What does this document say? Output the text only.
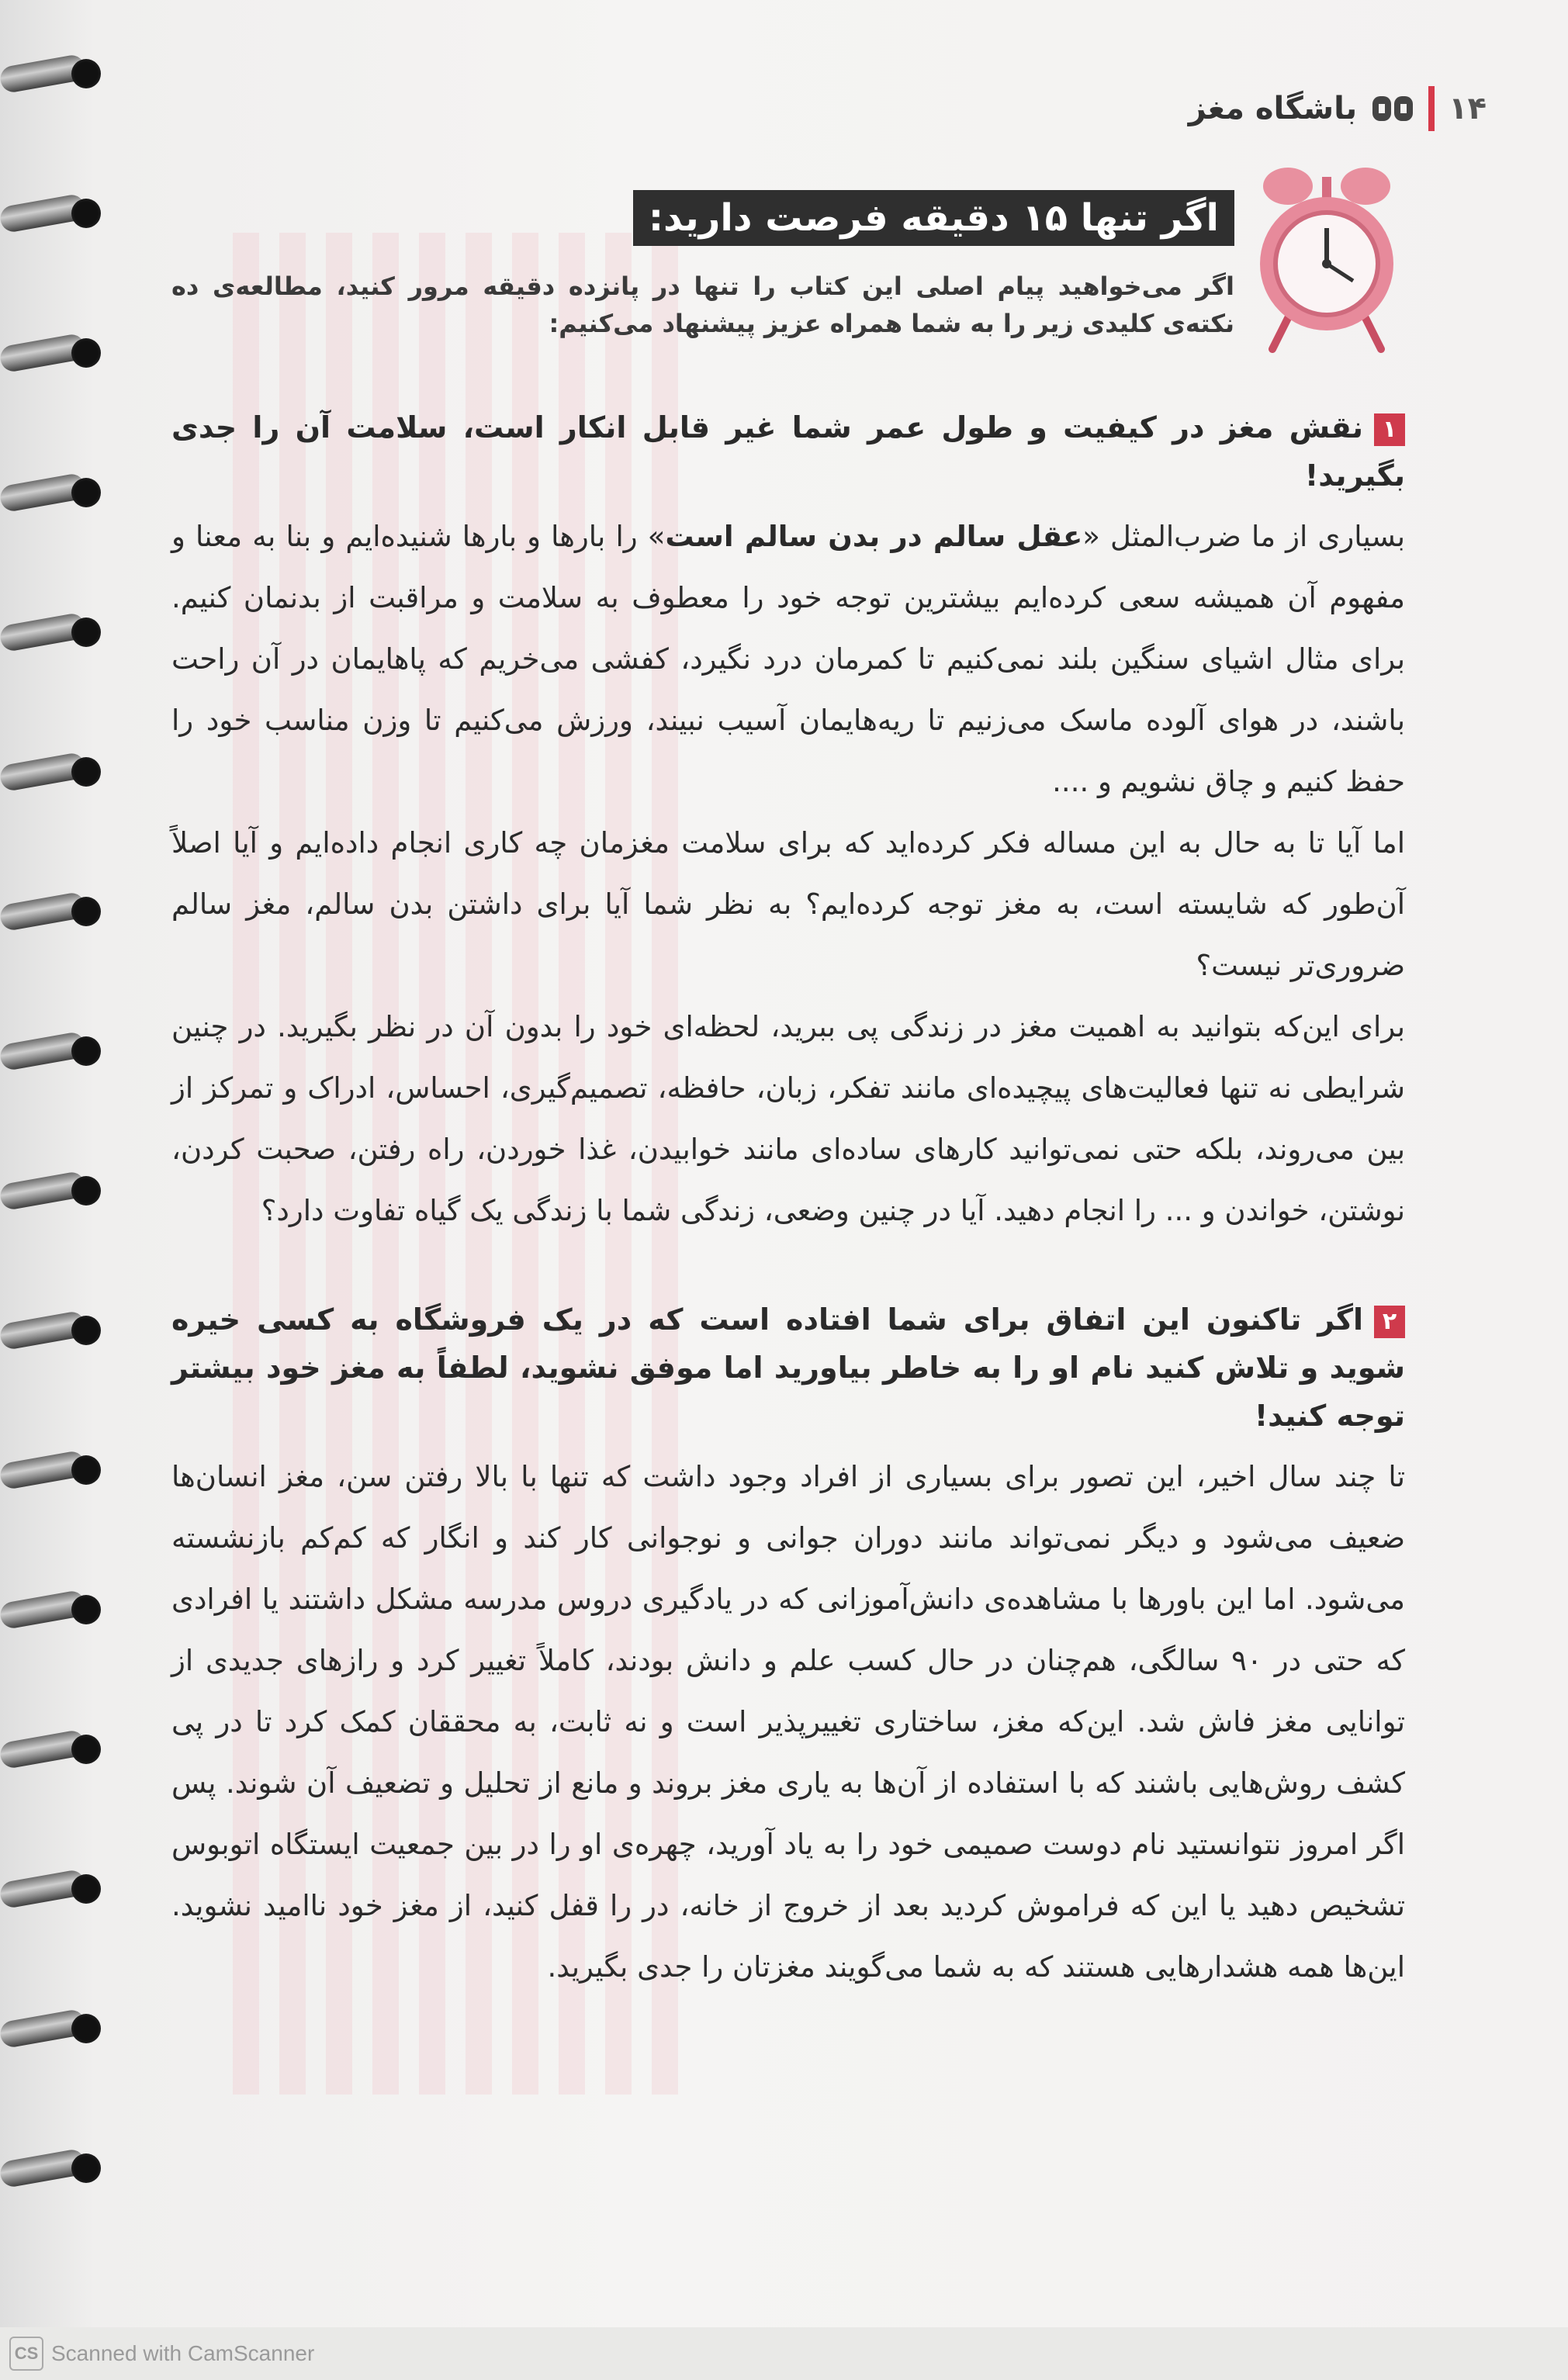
۱۴
باشگاه مغز
اگر تنها ۱۵ دقیقه فرصت دارید:
اگر می‌خواهید پیام اصلی این کتاب را تنها در پانزده دقیقه مرور کنید، مطالعه‌ی ده نکته‌ی کلیدی زیر را به شما همراه عزیز پیشنهاد می‌کنیم:
۱نقش مغز در کیفیت و طول عمر شما غیر قابل انکار است، سلامت آن را جدی بگیرید!
بسیاری از ما ضرب‌المثل «عقل سالم در بدن سالم است» را بارها و بارها شنیده‌ایم و بنا به معنا و مفهوم آن همیشه سعی کرده‌ایم بیشترین توجه خود را معطوف به سلامت و مراقبت از بدنمان کنیم. برای مثال اشیای سنگین بلند نمی‌کنیم تا کمرمان درد نگیرد، کفشی می‌خریم که پاهایمان در آن راحت باشند، در هوای آلوده ماسک می‌زنیم تا ریه‌هایمان آسیب نبیند، ورزش می‌کنیم تا وزن مناسب خود را حفظ کنیم و چاق نشویم و ....
اما آیا تا به حال به این مساله فکر کرده‌اید که برای سلامت مغزمان چه کاری انجام داده‌ایم و آیا اصلاً آن‌طور که شایسته است، به مغز توجه کرده‌ایم؟ به نظر شما آیا برای داشتن بدن سالم، مغز سالم ضروری‌تر نیست؟
برای این‌که بتوانید به اهمیت مغز در زندگی پی ببرید، لحظه‌ای خود را بدون آن در نظر بگیرید. در چنین شرایطی نه تنها فعالیت‌های پیچیده‌ای مانند تفکر، زبان، حافظه، تصمیم‌گیری، احساس، ادراک و تمرکز از بین می‌روند، بلکه حتی نمی‌توانید کارهای ساده‌ای مانند خوابیدن، غذا خوردن، راه رفتن، صحبت کردن، نوشتن، خواندن و ... را انجام دهید. آیا در چنین وضعی، زندگی شما با زندگی یک گیاه تفاوت دارد؟
۲اگر تاکنون این اتفاق برای شما افتاده است که در یک فروشگاه به کسی خیره شوید و تلاش کنید نام او را به خاطر بیاورید اما موفق نشوید، لطفاً به مغز خود بیشتر توجه کنید!
تا چند سال اخیر، این تصور برای بسیاری از افراد وجود داشت که تنها با بالا رفتن سن، مغز انسان‌ها ضعیف می‌شود و دیگر نمی‌تواند مانند دوران جوانی و نوجوانی کار کند و انگار که کم‌کم بازنشسته می‌شود. اما این باورها با مشاهده‌ی دانش‌آموزانی که در یادگیری دروس مدرسه مشکل داشتند یا افرادی که حتی در ۹۰ سالگی، هم‌چنان در حال کسب علم و دانش بودند، کاملاً تغییر کرد و رازهای جدیدی از توانایی مغز فاش شد. این‌که مغز، ساختاری تغییرپذیر است و نه ثابت، به محققان کمک کرد تا در پی کشف روش‌هایی باشند که با استفاده از آن‌ها به یاری مغز بروند و مانع از تحلیل و تضعیف آن شوند. پس اگر امروز نتوانستید نام دوست صمیمی خود را به یاد آورید، چهره‌ی او را در بین جمعیت ایستگاه اتوبوس تشخیص دهید یا این که فراموش کردید بعد از خروج از خانه، در را قفل کنید، از مغز خود ناامید نشوید. این‌ها همه هشدارهایی هستند که به شما می‌گویند مغزتان را جدی بگیرید.
CS Scanned with CamScanner
